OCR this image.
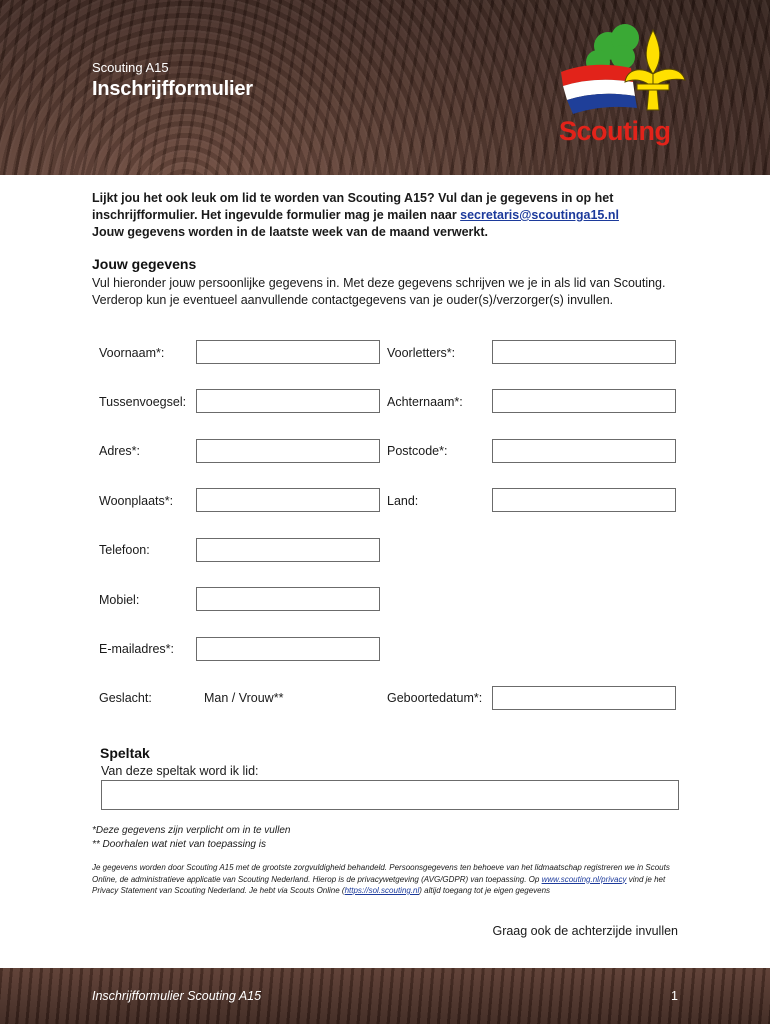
Scouting A15
Inschrijfformulier
Scouting
Lijkt jou het ook leuk om lid te worden van Scouting A15? Vul dan je gegevens in op het
inschrijfformulier. Het ingevulde formulier mag je mailen naar secretaris@scoutinga15.nl
Jouw gegevens worden in de laatste week van de maand verwerkt.
Jouw gegevens
Vul hieronder jouw persoonlijke gegevens in. Met deze gegevens schrijven we je in als lid van Scouting. Verderop kun je eventueel aanvullende contactgegevens van je ouder(s)/verzorger(s) invullen.
Voornaam*:	Voorletters*:
Tussenvoegsel:	Achternaam*:
Adres*:	Postcode*:
Woonplaats*:	Land:
Telefoon:
Mobiel:
E-mailadres*:
Geslacht:	Man / Vrouw**	Geboortedatum*:
Speltak
Van deze speltak word ik lid:
*Deze gegevens zijn verplicht om in te vullen
** Doorhalen wat niet van toepassing is
Je gegevens worden door Scouting A15 met de grootste zorgvuldigheid behandeld. Persoonsgegevens ten behoeve van het lidmaatschap registreren we in Scouts Online, de administratieve applicatie van Scouting Nederland. Hierop is de privacywetgeving (AVG/GDPR) van toepassing. Op www.scouting.nl/privacy vind je het Privacy Statement van Scouting Nederland. Je hebt via Scouts Online (https://sol.scouting.nl) altijd toegang tot je eigen gegevens
Graag ook de achterzijde invullen
Inschrijfformulier Scouting A15	1
